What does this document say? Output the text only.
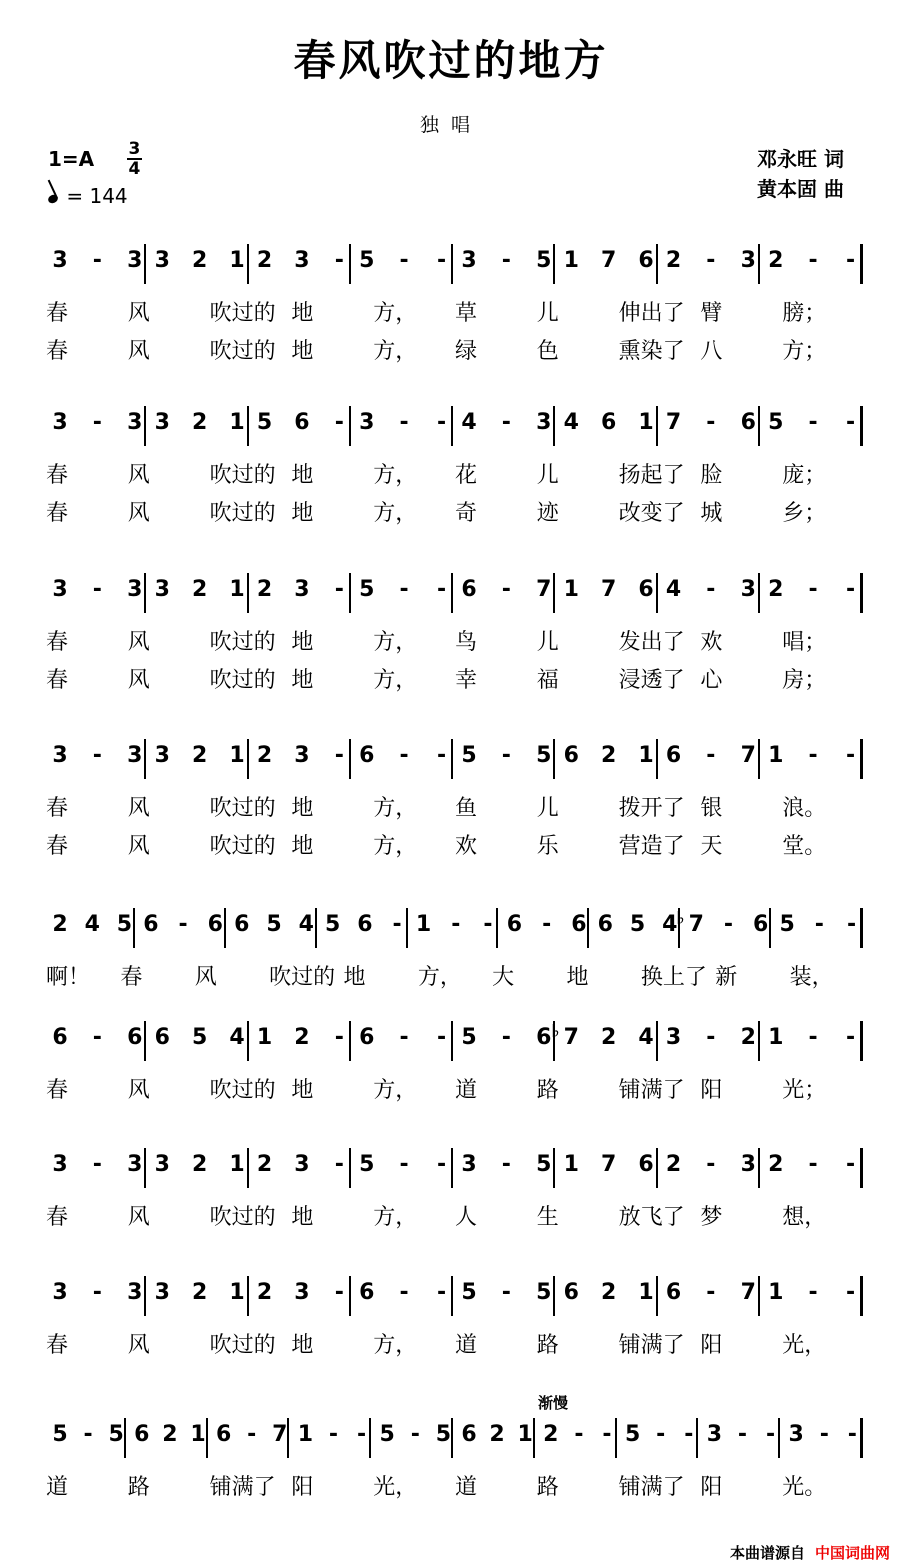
春风吹过的地方
独唱
$1=A \frac{3}{4}$
= 144
邓永旺 词
黄本固 曲
3 - 3 3 2 1 2 3 - 5 - - 3 - 5 1 7 6 2 - 3 2 - -
春	风	吹过的 地	方， 草	儿	伸出了 臂	膀；
春	风	吹过的 地	方， 绿	色	熏染了 八	方；
3 - 3 3 2 1 5 6 - 3 - - 4 - 3 4 6 1 7 - 6 5 - -
春	风	吹过的 地	方， 花	儿	扬起了 脸	庞；
春	风	吹过的 地	方， 奇	迹	改变了 城	乡；
3 - 3 3 2 1 2 3 - 5 - - 6 - 7 1 7 6 4 - 3 2 - -
春	风	吹过的 地	方， 鸟	儿	发出了 欢	唱；
春	风	吹过的 地	方， 幸	福	浸透了 心	房；
3 - 3 3 2 1 2 3 - 6 - - 5 - 5 6 2 1 6 - 7 1 - -
春	风	吹过的 地	方， 鱼	儿	拨开了 银	浪。
春	风	吹过的 地	方， 欢	乐	营造了 天	堂。
2 4 5 6 - 6 6 5 4 5 6 - 1 - - 6 - 6 6 5 4 7
♭ - 6 5 - -
啊！ 春 风 吹过的 地 方， 大 地 换上了 新 装，
6 - 6 6 5 4 1 2 - 6 - - 5 - 6 7
♭ 2 4 3 - 2 1 - -
春	风	吹过的 地	方， 道	路	铺满了 阳	光；
3 - 3 3 2 1 2 3 - 5 - - 3 - 5 1 7 6 2 - 3 2 - -
春	风	吹过的 地	方， 人	生	放飞了 梦	想，
3 - 3 3 2 1 2 3 - 6 - - 5 - 5 6 2 1 6 - 7 1 - -
春	风	吹过的 地	方， 道	路	铺满了 阳	光，
5 - 5 6 2 1 6 - 7 1 - - 5 - 5 6 2 1 2 - - 5 - - 3 - - 3 - -
道	路	铺满了 阳	光， 道	路	铺满了 阳	光。
渐慢
本曲谱源自 中国词曲网
